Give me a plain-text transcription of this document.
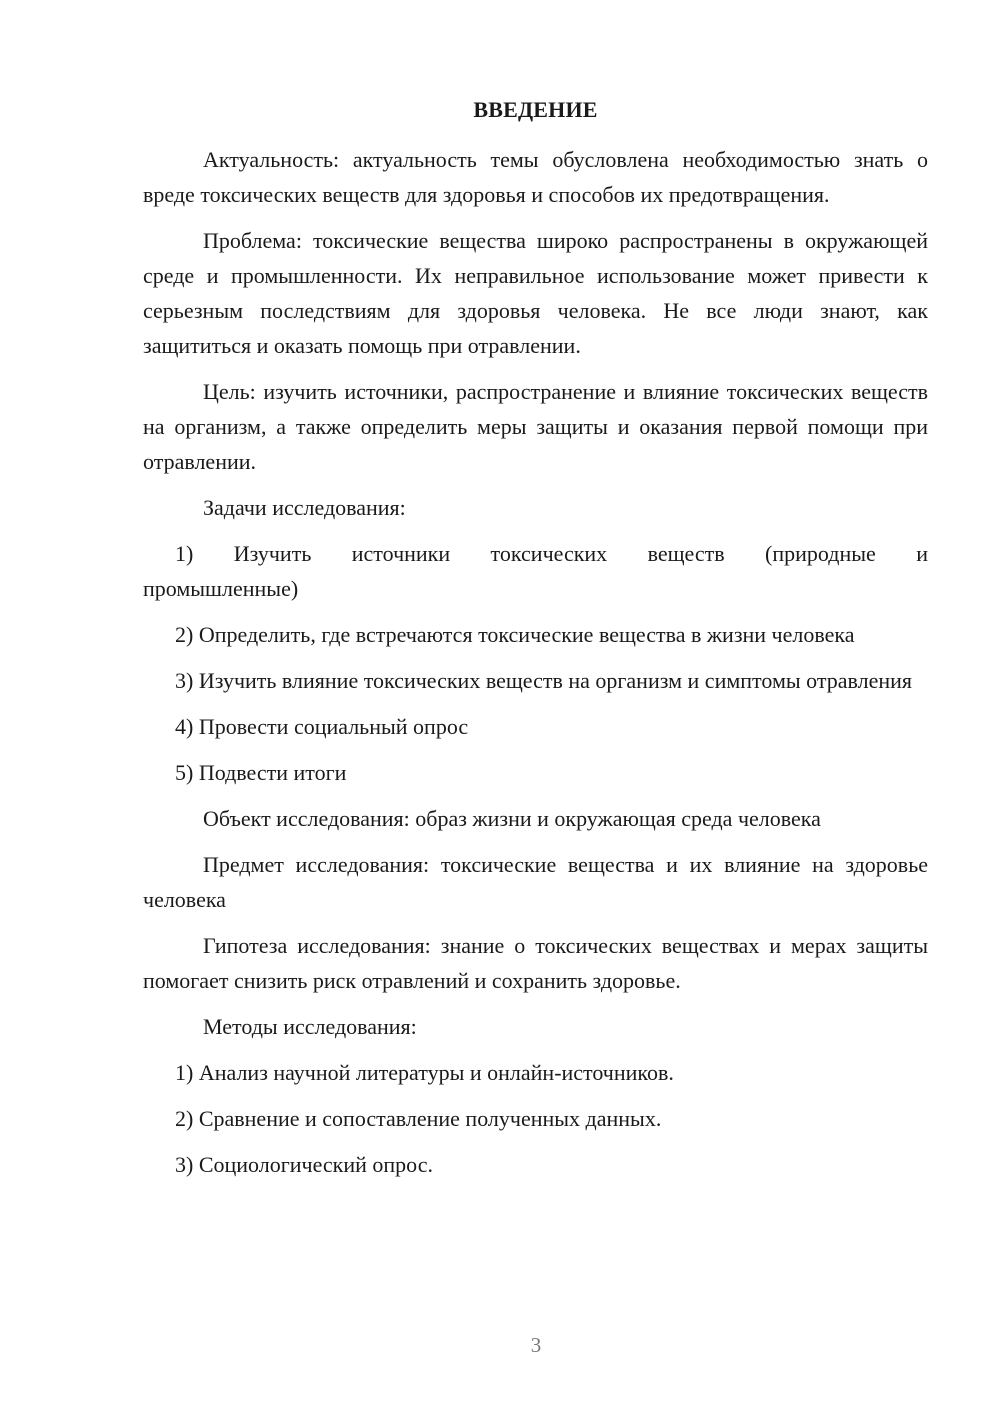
ВВЕДЕНИЕ

Актуальность: актуальность темы обусловлена необходимостью знать о вреде токсических веществ для здоровья и способов их предотвращения.

Проблема: токсические вещества широко распространены в окружающей среде и промышленности. Их неправильное использование может привести к серьезным последствиям для здоровья человека. Не все люди знают, как защититься и оказать помощь при отравлении.

Цель: изучить источники, распространение и влияние токсических веществ на организм, а также определить меры защиты и оказания первой помощи при отравлении.

Задачи исследования:

1) Изучить источники токсических веществ (природные и промышленные)

2) Определить, где встречаются токсические вещества в жизни человека

3) Изучить влияние токсических веществ на организм и симптомы отравления

4) Провести социальный опрос

5) Подвести итоги

Объект исследования: образ жизни и окружающая среда человека

Предмет исследования: токсические вещества и их влияние на здоровье человека

Гипотеза исследования: знание о токсических веществах и мерах защиты помогает снизить риск отравлений и сохранить здоровье.

Методы исследования:

1) Анализ научной литературы и онлайн-источников.

2) Сравнение и сопоставление полученных данных.

3) Социологический опрос.

3
